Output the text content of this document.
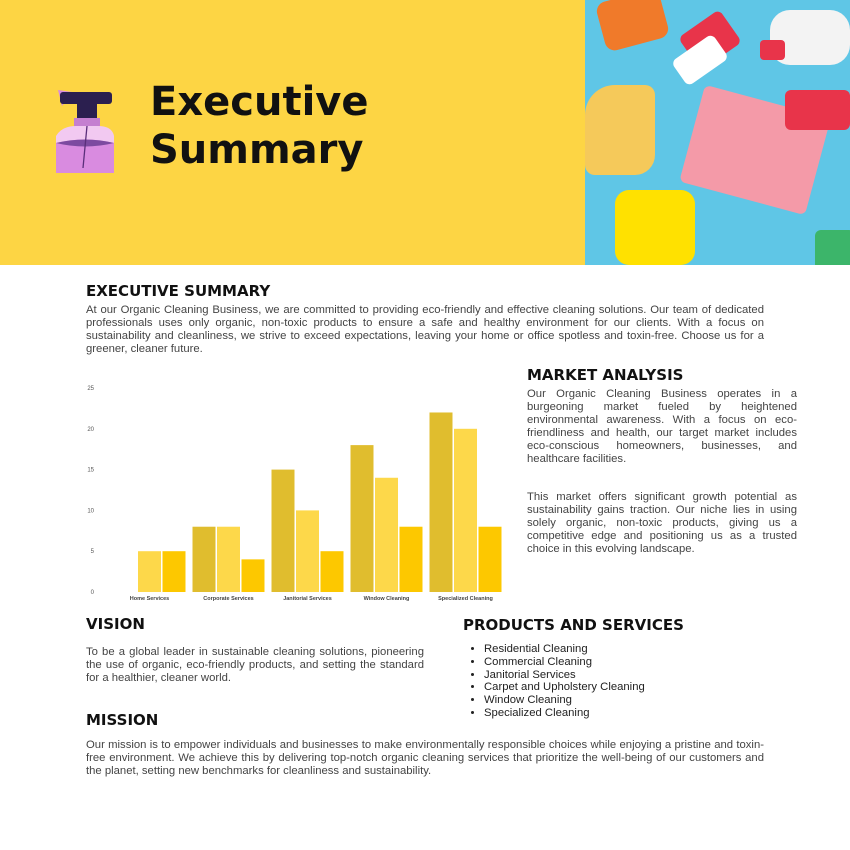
Executive
Summary
EXECUTIVE SUMMARY

At our Organic Cleaning Business, we are committed to providing eco-friendly and effective cleaning solutions. Our team of dedicated professionals uses only organic, non-toxic products to ensure a safe and healthy environment for our clients. With a focus on sustainability and cleanliness, we strive to exceed expectations, leaving your home or office spotless and toxin-free. Choose us for a greener, cleaner future.

0
5
10
15
20
25
Home Services	Corporate Services	Janitorial Services	Window Cleaning	Specialized Cleaning
MARKET ANALYSIS

Our Organic Cleaning Business operates in a burgeoning market fueled by heightened environmental awareness. With a focus on eco-friendliness and health, our target market includes eco-conscious homeowners, businesses, and healthcare facilities.

This market offers significant growth potential as sustainability gains traction. Our niche lies in using solely organic, non-toxic products, giving us a competitive edge and positioning us as a trusted choice in this evolving landscape.

VISION

To be a global leader in sustainable cleaning solutions, pioneering the use of organic, eco-friendly products, and setting the standard for a healthier, cleaner world.

PRODUCTS AND SERVICES
• Residential Cleaning
• Commercial Cleaning
• Janitorial Services
• Carpet and Upholstery Cleaning
• Window Cleaning
• Specialized Cleaning
MISSION

Our mission is to empower individuals and businesses to make environmentally responsible choices while enjoying a pristine and toxin-free environment. We achieve this by delivering top-notch organic cleaning services that prioritize the well-being of our customers and the planet, setting new benchmarks for cleanliness and sustainability.
